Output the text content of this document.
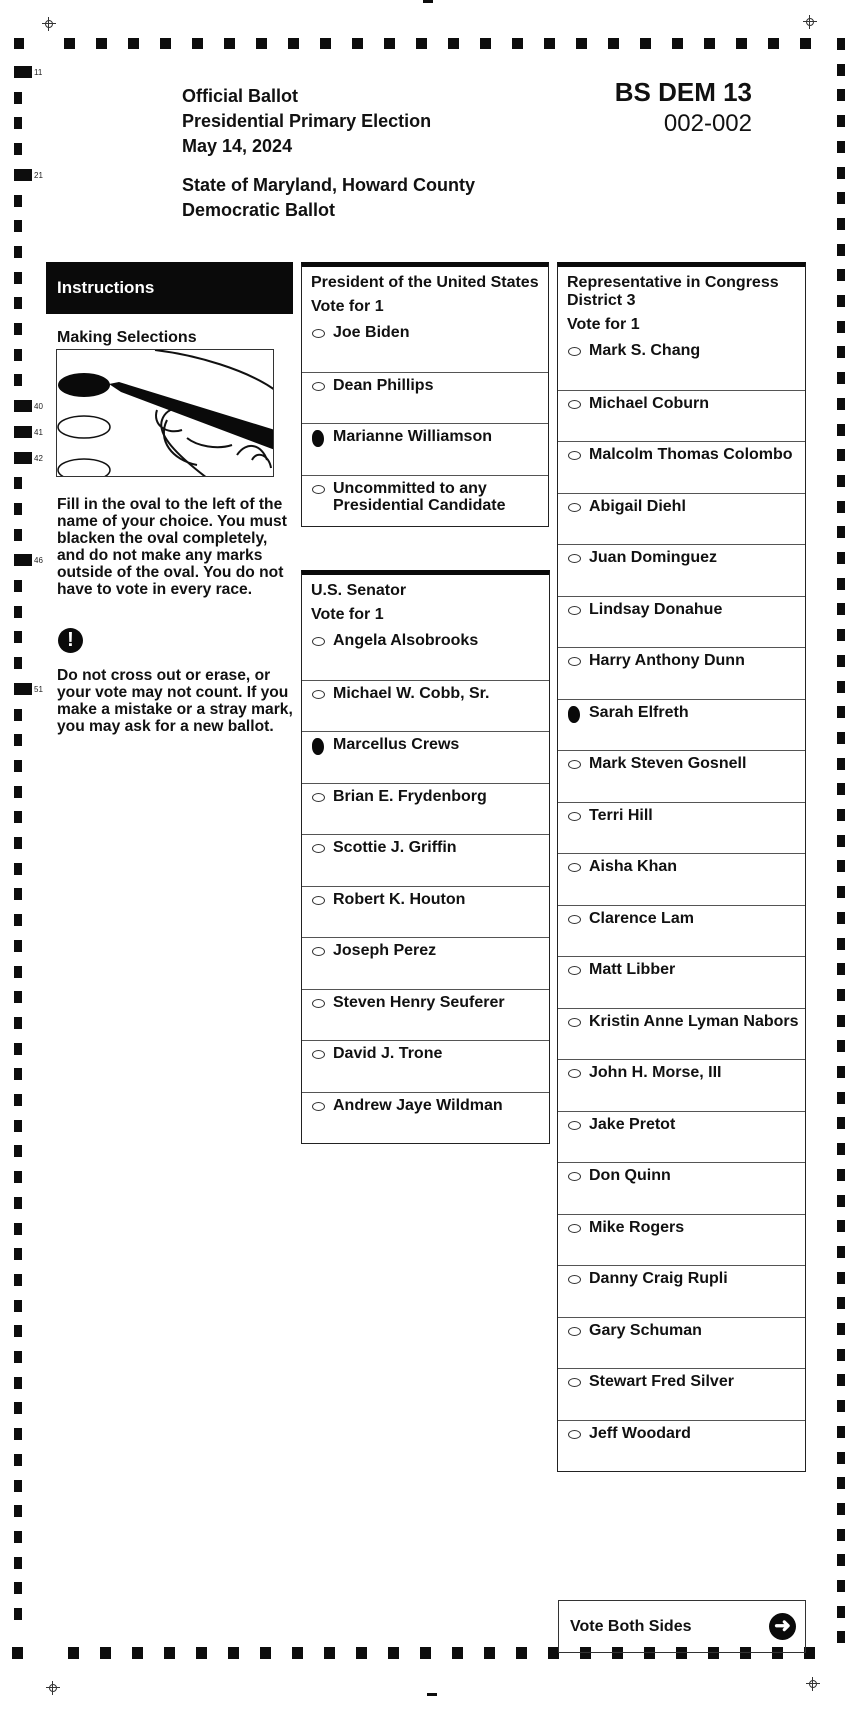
11
21
40
41
42
46
51
Official Ballot
Presidential Primary Election
May 14, 2024
State of Maryland, Howard County
Democratic Ballot
BS DEM 13
002-002
Instructions
Making Selections
Fill in the oval to the left of the name of your choice. You must blacken the oval completely, and do not make any marks outside of the oval. You do not have to vote in every race.
!
Do not cross out or erase, or your vote may not count. If you make a mistake or a stray mark, you may ask for a new ballot.
President of the United States
Vote for 1
Joe Biden
Dean Phillips
Marianne Williamson
Uncommitted to any Presidential Candidate
U.S. Senator
Vote for 1
Angela Alsobrooks
Michael W. Cobb, Sr.
Marcellus Crews
Brian E. Frydenborg
Scottie J. Griffin
Robert K. Houton
Joseph Perez
Steven Henry Seuferer
David J. Trone
Andrew Jaye Wildman
Representative in Congress District 3
Vote for 1
Mark S. Chang
Michael Coburn
Malcolm Thomas Colombo
Abigail Diehl
Juan Dominguez
Lindsay Donahue
Harry Anthony Dunn
Sarah Elfreth
Mark Steven Gosnell
Terri Hill
Aisha Khan
Clarence Lam
Matt Libber
Kristin Anne Lyman Nabors
John H. Morse, III
Jake Pretot
Don Quinn
Mike Rogers
Danny Craig Rupli
Gary Schuman
Stewart Fred Silver
Jeff Woodard
Vote Both Sides	➜
